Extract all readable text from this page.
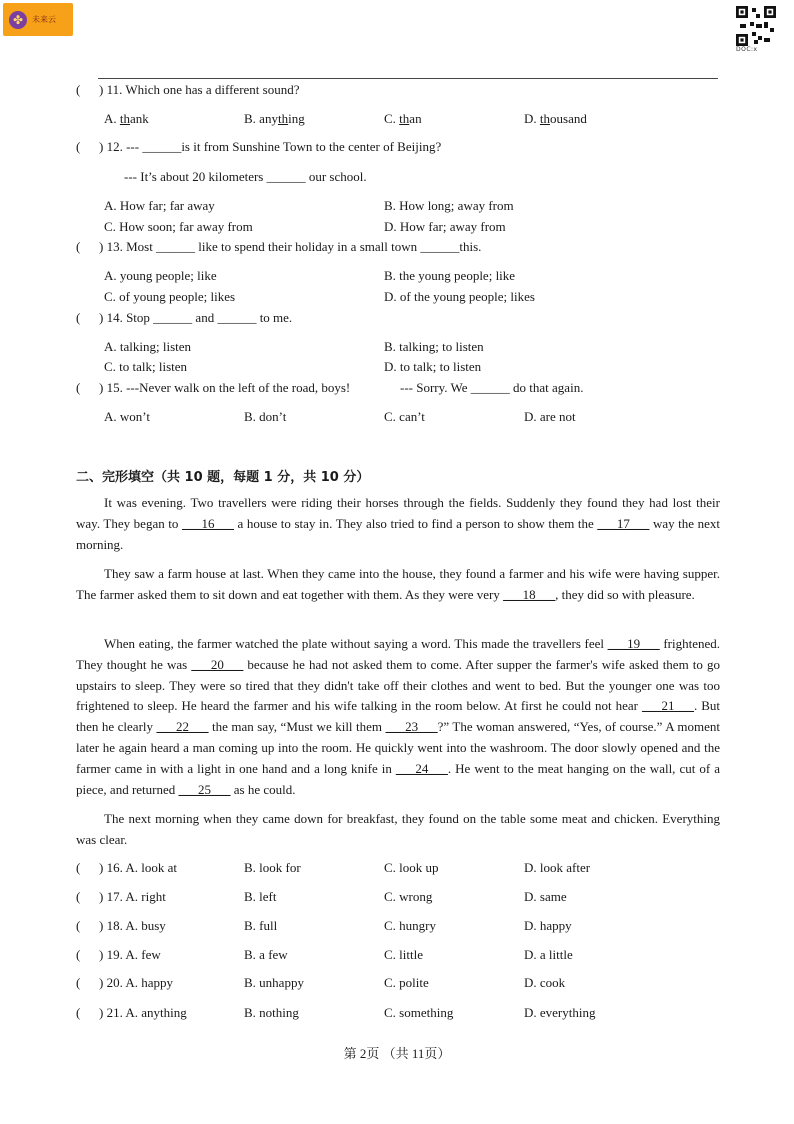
✤	未来云
DOC:x
( ) 11. Which one has a different sound?
A. thank	B. anything	C. than	D. thousand
( ) 12. --- ______is it from Sunshine Town to the center of Beijing?
--- It’s about 20 kilometers ______ our school.
A. How far; far away	B. How long; away from
C. How soon; far away from	D. How far; away from
( ) 13. Most ______ like to spend their holiday in a small town ______this.
A. young people; like	B. the young people; like
C. of young people; likes	D. of the young people; likes
( ) 14. Stop ______ and ______ to me.
A. talking; listen	B. talking; to listen
C. to talk; listen	D. to talk; to listen
( ) 15. ---Never walk on the left of the road, boys!	--- Sorry. We ______ do that again.
A. won’t	B. don’t	C. can’t	D. are not
二、完形填空（共 10 题，每题 1 分，共 10 分）
It was evening. Two travellers were riding their horses through the fields. Suddenly they found they had lost their way. They began to ___16___ a house to stay in. They also tried to find a person to show them the ___17___ way the next morning.
They saw a farm house at last. When they came into the house, they found a farmer and his wife were having supper. The farmer asked them to sit down and eat together with them. As they were very ___18___, they did so with pleasure.
When eating, the farmer watched the plate without saying a word. This made the travellers feel ___19___ frightened. They thought he was ___20___ because he had not asked them to come. After supper the farmer's wife asked them to go upstairs to sleep. They were so tired that they didn't take off their clothes and went to bed. But the younger one was too frightened to sleep. He heard the farmer and his wife talking in the room below. At first he could not hear ___21___. But then he clearly ___22___ the man say, “Must we kill them ___23___?” The woman answered, “Yes, of course.” A moment later he again heard a man coming up into the room. He quickly went into the washroom. The door slowly opened and the farmer came in with a light in one hand and a long knife in ___24___. He went to the meat hanging on the wall, cut of a piece, and returned ___25___ as he could.
The next morning when they came down for breakfast, they found on the table some meat and chicken. Everything was clear.
( ) 16. A. look at	B. look for	C. look up	D. look after
( ) 17. A. right	B. left	C. wrong	D. same
( ) 18. A. busy	B. full	C. hungry	D. happy
( ) 19. A. few	B. a few	C. little	D. a little
( ) 20. A. happy	B. unhappy	C. polite	D. cook
( ) 21. A. anything	B. nothing	C. something	D. everything
第 2页 （共 11页）
